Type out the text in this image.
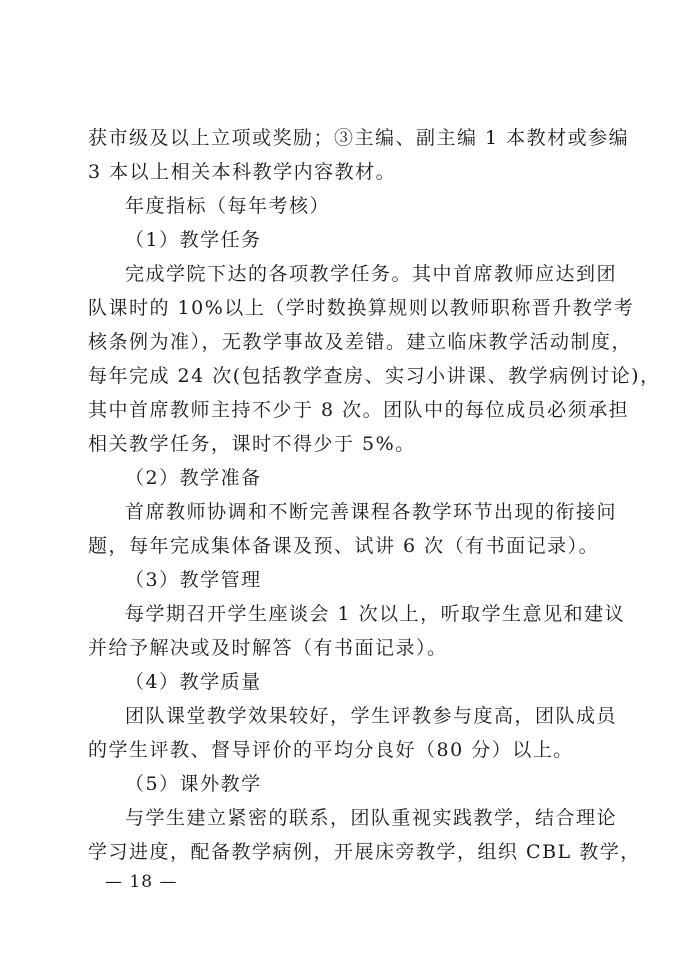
获市级及以上立项或奖励；③主编、副主编 1 本教材或参编
3 本以上相关本科教学内容教材。
年度指标（每年考核）
（1）教学任务
完成学院下达的各项教学任务。其中首席教师应达到团
队课时的 10%以上（学时数换算规则以教师职称晋升教学考
核条例为准），无教学事故及差错。建立临床教学活动制度，
每年完成 24 次(包括教学查房、实习小讲课、教学病例讨论)，
其中首席教师主持不少于 8 次。团队中的每位成员必须承担
相关教学任务，课时不得少于 5%。
（2）教学准备
首席教师协调和不断完善课程各教学环节出现的衔接问
题，每年完成集体备课及预、试讲 6 次（有书面记录）。
（3）教学管理
每学期召开学生座谈会 1 次以上，听取学生意见和建议
并给予解决或及时解答（有书面记录）。
（4）教学质量
团队课堂教学效果较好，学生评教参与度高，团队成员
的学生评教、督导评价的平均分良好（80 分）以上。
（5）课外教学
与学生建立紧密的联系，团队重视实践教学，结合理论
学习进度，配备教学病例，开展床旁教学，组织 CBL 教学，
— 18 —
